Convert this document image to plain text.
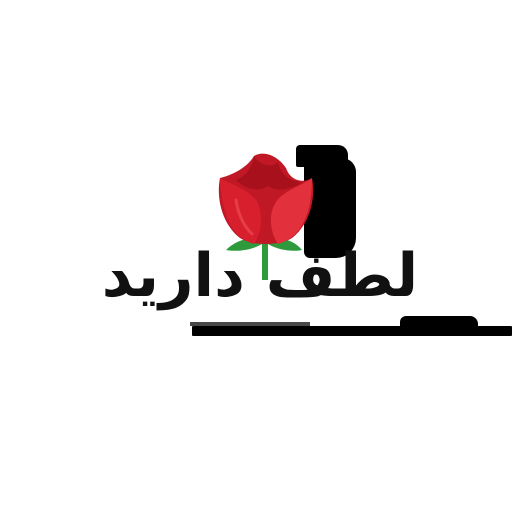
لطف دارید
